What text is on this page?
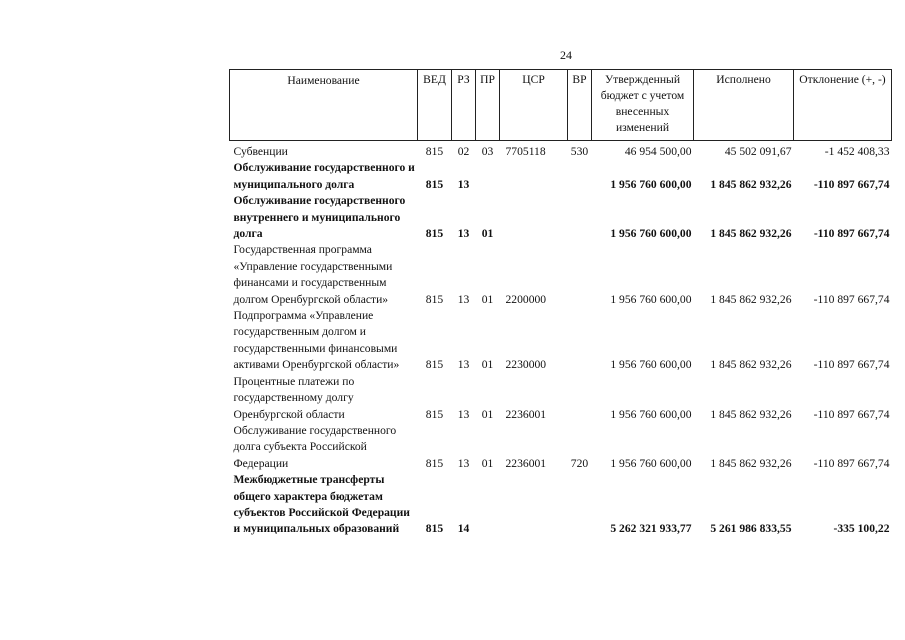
24
Наименование	ВЕД	РЗ	ПР	ЦСР	ВР	Утвержденный бюджет с учетом внесенных изменений	Исполнено	Отклонение (+, -)
Субвенции	815	02	03	7705118	530	46 954 500,00	45 502 091,67	-1 452 408,33
Обслуживание государственного и муниципального долга	815	13				1 956 760 600,00	1 845 862 932,26	-110 897 667,74
Обслуживание государственного внутреннего и муниципального долга	815	13	01			1 956 760 600,00	1 845 862 932,26	-110 897 667,74
Государственная программа «Управление государственными финансами и государственным долгом Оренбургской области»	815	13	01	2200000		1 956 760 600,00	1 845 862 932,26	-110 897 667,74
Подпрограмма «Управление государственным долгом и государственными финансовыми активами Оренбургской области»	815	13	01	2230000		1 956 760 600,00	1 845 862 932,26	-110 897 667,74
Процентные платежи по государственному долгу Оренбургской области	815	13	01	2236001		1 956 760 600,00	1 845 862 932,26	-110 897 667,74
Обслуживание государственного долга субъекта Российской Федерации	815	13	01	2236001	720	1 956 760 600,00	1 845 862 932,26	-110 897 667,74
Межбюджетные трансферты общего характера бюджетам субъектов Российской Федерации и муниципальных образований	815	14				5 262 321 933,77	5 261 986 833,55	-335 100,22
